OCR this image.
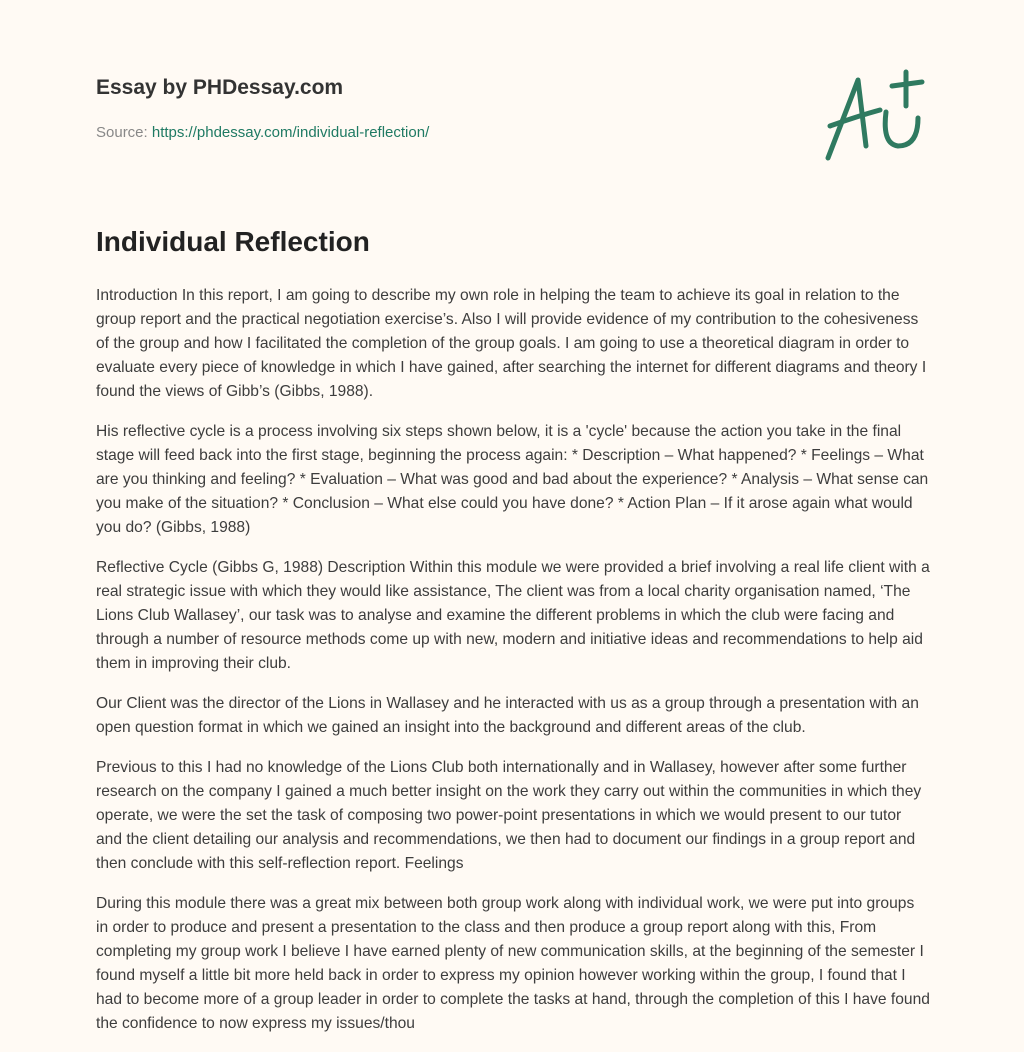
Essay by PHDessay.com
Source: https://phdessay.com/individual-reflection/
Individual Reflection

Introduction In this report, I am going to describe my own role in helping the team to achieve its goal in relation to the group report and the practical negotiation exercise’s. Also I will provide evidence of my contribution to the cohesiveness of the group and how I facilitated the completion of the group goals. I am going to use a theoretical diagram in order to evaluate every piece of knowledge in which I have gained, after searching the internet for different diagrams and theory I found the views of Gibb’s (Gibbs, 1988).

His reflective cycle is a process involving six steps shown below, it is a 'cycle' because the action you take in the final stage will feed back into the first stage, beginning the process again: * Description – What happened? * Feelings – What are you thinking and feeling? * Evaluation – What was good and bad about the experience? * Analysis – What sense can you make of the situation? * Conclusion – What else could you have done? * Action Plan – If it arose again what would you do? (Gibbs, 1988)

Reflective Cycle (Gibbs G, 1988) Description Within this module we were provided a brief involving a real life client with a real strategic issue with which they would like assistance, The client was from a local charity organisation named, ‘The Lions Club Wallasey’, our task was to analyse and examine the different problems in which the club were facing and through a number of resource methods come up with new, modern and initiative ideas and recommendations to help aid them in improving their club.

Our Client was the director of the Lions in Wallasey and he interacted with us as a group through a presentation with an open question format in which we gained an insight into the background and different areas of the club.

Previous to this I had no knowledge of the Lions Club both internationally and in Wallasey, however after some further research on the company I gained a much better insight on the work they carry out within the communities in which they operate, we were the set the task of composing two power-point presentations in which we would present to our tutor and the client detailing our analysis and recommendations, we then had to document our findings in a group report and then conclude with this self-reflection report. Feelings

During this module there was a great mix between both group work along with individual work, we were put into groups in order to produce and present a presentation to the class and then produce a group report along with this, From completing my group work I believe I have earned plenty of new communication skills, at the beginning of the semester I found myself a little bit more held back in order to express my opinion however working within the group, I found that I had to become more of a group leader in order to complete the tasks at hand, through the completion of this I have found the confidence to now express my issues/thou
